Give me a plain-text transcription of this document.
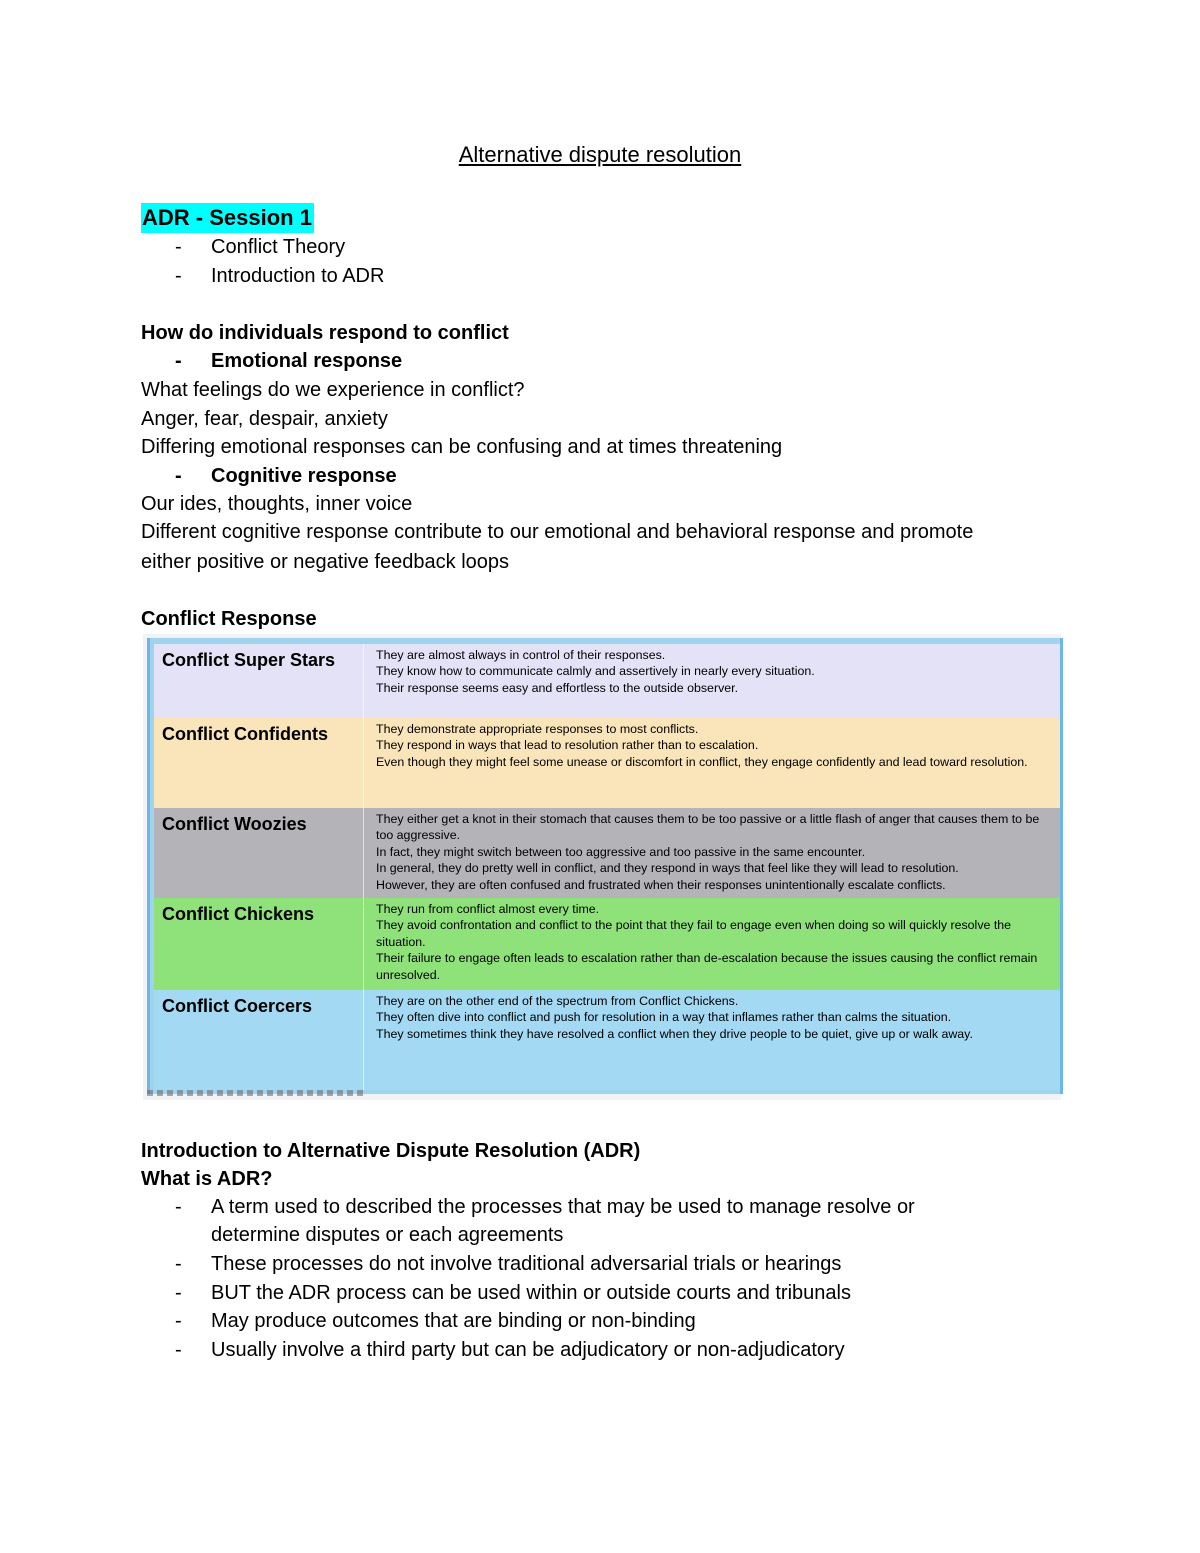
Alternative dispute resolution
ADR - Session 1
- Conflict Theory
- Introduction to ADR
How do individuals respond to conflict
- Emotional response
What feelings do we experience in conflict?
Anger, fear, despair, anxiety
Differing emotional responses can be confusing and at times threatening
- Cognitive response
Our ides, thoughts, inner voice
Different cognitive response contribute to our emotional and behavioral response and promote
either positive or negative feedback loops
Conflict Response
Conflict Super Stars	They are almost always in control of their responses.
They know how to communicate calmly and assertively in nearly every situation.
Their response seems easy and effortless to the outside observer.
Conflict Confidents	They demonstrate appropriate responses to most conflicts.
They respond in ways that lead to resolution rather than to escalation.
Even though they might feel some unease or discomfort in conflict, they engage confidently and lead toward resolution.
Conflict Woozies	They either get a knot in their stomach that causes them to be too passive or a little flash of anger that causes them to be too aggressive.
In fact, they might switch between too aggressive and too passive in the same encounter.
In general, they do pretty well in conflict, and they respond in ways that feel like they will lead to resolution.
However, they are often confused and frustrated when their responses unintentionally escalate conflicts.
Conflict Chickens	They run from conflict almost every time.
They avoid confrontation and conflict to the point that they fail to engage even when doing so will quickly resolve the situation.
Their failure to engage often leads to escalation rather than de-escalation because the issues causing the conflict remain unresolved.
Conflict Coercers	They are on the other end of the spectrum from Conflict Chickens.
They often dive into conflict and push for resolution in a way that inflames rather than calms the situation.
They sometimes think they have resolved a conflict when they drive people to be quiet, give up or walk away.
Introduction to Alternative Dispute Resolution (ADR)
What is ADR?
- A term used to described the processes that may be used to manage resolve or
determine disputes or each agreements
- These processes do not involve traditional adversarial trials or hearings
- BUT the ADR process can be used within or outside courts and tribunals
- May produce outcomes that are binding or non-binding
- Usually involve a third party but can be adjudicatory or non-adjudicatory
